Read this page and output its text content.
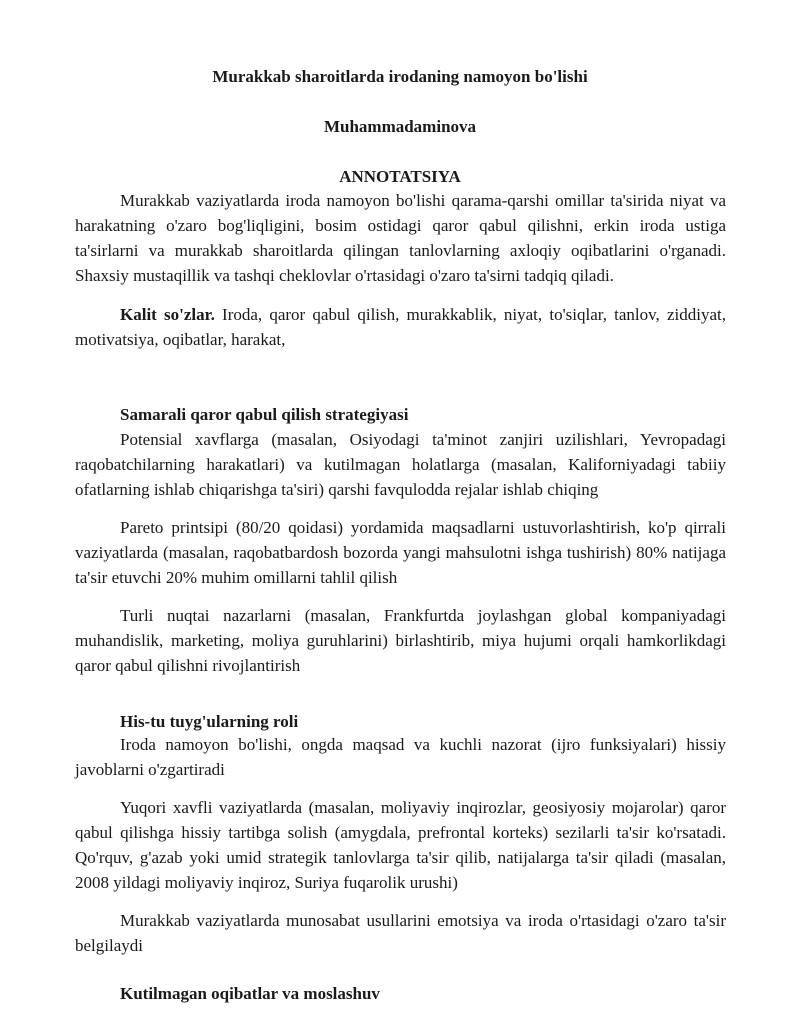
Murakkab sharoitlarda irodaning namoyon bo'lishi

Muhammadaminova

ANNOTATSIYA

Murakkab vaziyatlarda iroda namoyon bo'lishi qarama-qarshi omillar ta'sirida niyat va harakatning o'zaro bog'liqligini, bosim ostidagi qaror qabul qilishni, erkin iroda ustiga ta'sirlarni va murakkab sharoitlarda qilingan tanlovlarning axloqiy oqibatlarini o'rganadi. Shaxsiy mustaqillik va tashqi cheklovlar o'rtasidagi o'zaro ta'sirni tadqiq qiladi.

Kalit so'zlar. Iroda, qaror qabul qilish, murakkablik, niyat, to'siqlar, tanlov, ziddiyat, motivatsiya, oqibatlar, harakat,

Samarali qaror qabul qilish strategiyasi

Potensial xavflarga (masalan, Osiyodagi ta'minot zanjiri uzilishlari, Yevropadagi raqobatchilarning harakatlari) va kutilmagan holatlarga (masalan, Kaliforniyadagi tabiiy ofatlarning ishlab chiqarishga ta'siri) qarshi favqulodda rejalar ishlab chiqing

Pareto printsipi (80/20 qoidasi) yordamida maqsadlarni ustuvorlashtirish, ko'p qirrali vaziyatlarda (masalan, raqobatbardosh bozorda yangi mahsulotni ishga tushirish) 80% natijaga ta'sir etuvchi 20% muhim omillarni tahlil qilish

Turli nuqtai nazarlarni (masalan, Frankfurtda joylashgan global kompaniyadagi muhandislik, marketing, moliya guruhlarini) birlashtirib, miya hujumi orqali hamkorlikdagi qaror qabul qilishni rivojlantirish

His-tu tuyg'ularning roli

Iroda namoyon bo'lishi, ongda maqsad va kuchli nazorat (ijro funksiyalari) hissiy javoblarni o'zgartiradi

Yuqori xavfli vaziyatlarda (masalan, moliyaviy inqirozlar, geosiyosiy mojarolar) qaror qabul qilishga hissiy tartibga solish (amygdala, prefrontal korteks) sezilarli ta'sir ko'rsatadi. Qo'rquv, g'azab yoki umid strategik tanlovlarga ta'sir qilib, natijalarga ta'sir qiladi (masalan, 2008 yildagi moliyaviy inqiroz, Suriya fuqarolik urushi)

Murakkab vaziyatlarda munosabat usullarini emotsiya va iroda o'rtasidagi o'zaro ta'sir belgilaydi

Kutilmagan oqibatlar va moslashuv
